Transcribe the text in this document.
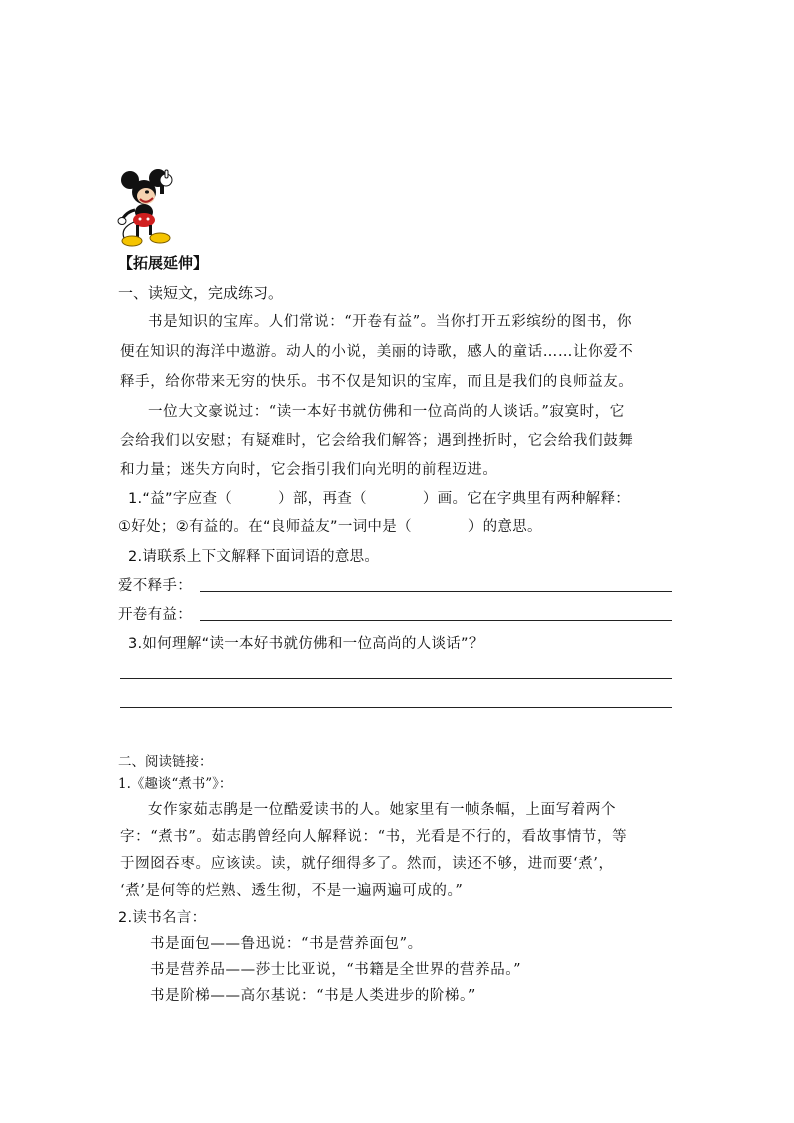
【拓展延伸】
一、读短文，完成练习。
书是知识的宝库。人们常说：“开卷有益”。当你打开五彩缤纷的图书，你
便在知识的海洋中遨游。动人的小说，美丽的诗歌，感人的童话……让你爱不
释手，给你带来无穷的快乐。书不仅是知识的宝库，而且是我们的良师益友。
一位大文豪说过：“读一本好书就仿佛和一位高尚的人谈话。”寂寞时，它
会给我们以安慰；有疑难时，它会给我们解答；遇到挫折时，它会给我们鼓舞
和力量；迷失方向时，它会指引我们向光明的前程迈进。
1.“益”字应查（	）部，再查（	）画。它在字典里有两种解释：
①好处；②有益的。在“良师益友”一词中是（	）的意思。
2.请联系上下文解释下面词语的意思。
爱不释手：
开卷有益：
3.如何理解“读一本好书就仿佛和一位高尚的人谈话”？
二、阅读链接：
1.《趣谈“煮书”》：
女作家茹志鹃是一位酷爱读书的人。她家里有一帧条幅，上面写着两个
字：“煮书”。茹志鹃曾经向人解释说：“书，光看是不行的，看故事情节，等
于囫囵吞枣。应该读。读，就仔细得多了。然而，读还不够，进而要‘煮’，
‘煮’是何等的烂熟、透生彻，不是一遍两遍可成的。”
2.读书名言：
书是面包——鲁迅说：“书是营养面包”。
书是营养品——莎士比亚说，“书籍是全世界的营养品。”
书是阶梯——高尔基说：“书是人类进步的阶梯。”
